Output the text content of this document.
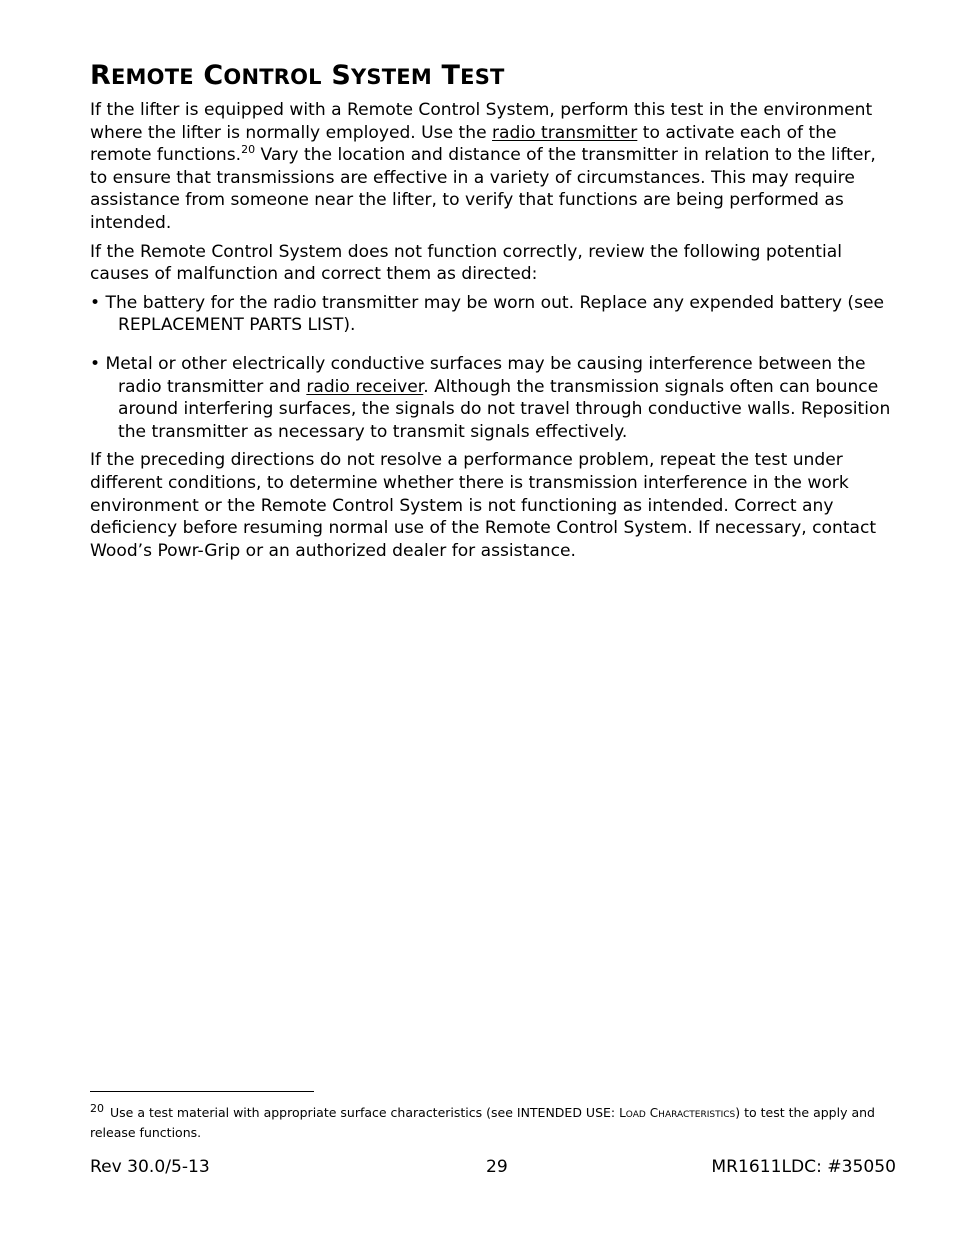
REMOTE CONTROL SYSTEM TEST

If the lifter is equipped with a Remote Control System, perform this test in the environment where the lifter is normally employed. Use the radio transmitter to activate each of the remote functions.$^{20}$ Vary the location and distance of the transmitter in relation to the lifter, to ensure that transmissions are effective in a variety of circumstances. This may require assistance from someone near the lifter, to verify that functions are being performed as intended.

If the Remote Control System does not function correctly, review the following potential causes of malfunction and correct them as directed:

• The battery for the radio transmitter may be worn out. Replace any expended battery (see REPLACEMENT PARTS LIST).
• Metal or other electrically conductive surfaces may be causing interference between the radio transmitter and radio receiver. Although the transmission signals often can bounce around interfering surfaces, the signals do not travel through conductive walls. Reposition the transmitter as necessary to transmit signals effectively.

If the preceding directions do not resolve a performance problem, repeat the test under different conditions, to determine whether there is transmission interference in the work environment or the Remote Control System is not functioning as intended. Correct any deficiency before resuming normal use of the Remote Control System. If necessary, contact Wood’s Powr-Grip or an authorized dealer for assistance.

$^{20}$ Use a test material with appropriate surface characteristics (see INTENDED USE: LOAD CHARACTERISTICS) to test the apply and release functions.
Rev 30.0/5-13	29	MR1611LDC: #35050
